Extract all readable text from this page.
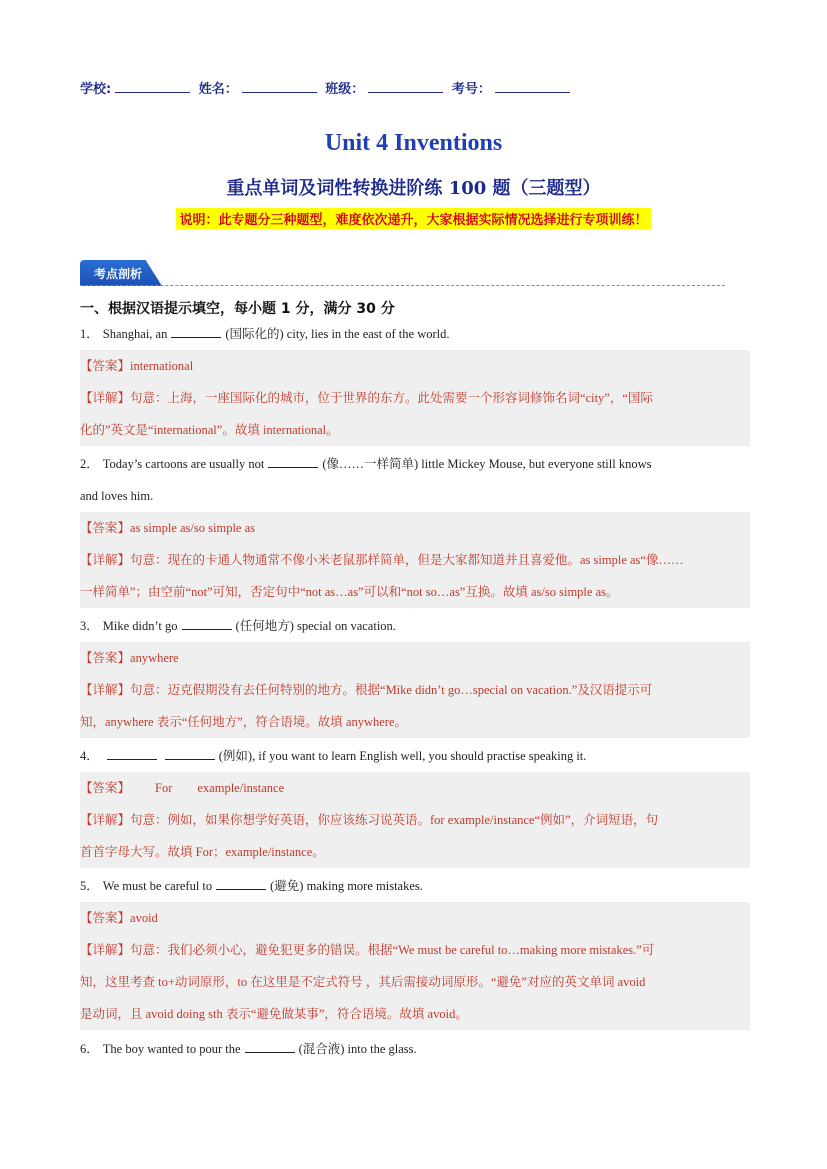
学校:	姓名：	班级：	考号：
Unit 4 Inventions
重点单词及词性转换进阶练 100 题（三题型）
说明：此专题分三种题型，难度依次递升，大家根据实际情况选择进行专项训练！
考点剖析
一、根据汉语提示填空，每小题 1 分，满分 30 分
1． Shanghai, an	(国际化的) city, lies in the east of the world.
【答案】international
【详解】句意：上海，一座国际化的城市，位于世界的东方。此处需要一个形容词修饰名词“city”，“国际
化的”英文是“international”。故填 international。
2． Today’s cartoons are usually not	(像……一样简单) little Mickey Mouse, but everyone still knows
and loves him.
【答案】as simple as/so simple as
【详解】句意：现在的卡通人物通常不像小米老鼠那样简单，但是大家都知道并且喜爱他。as simple as“像……
一样简单”；由空前“not”可知，否定句中“not as…as”可以和“not so…as”互换。故填 as/so simple as。
3． Mike didn’t go	(任何地方) special on vacation.
【答案】anywhere
【详解】句意：迈克假期没有去任何特别的地方。根据“Mike didn’t go…special on vacation.”及汉语提示可
知，anywhere 表示“任何地方”，符合语境。故填 anywhere。
4．	(例如), if you want to learn English well, you should practise speaking it.
【答案】 For        example/instance
【详解】句意：例如，如果你想学好英语，你应该练习说英语。for example/instance“例如”，介词短语，句
首首字母大写。故填 For；example/instance。
5． We must be careful to	(避免) making more mistakes.
【答案】avoid
【详解】句意：我们必须小心，避免犯更多的错误。根据“We must be careful to…making more mistakes.”可
知，这里考查 to+动词原形，to 在这里是不定式符号 ，其后需接动词原形。“避免”对应的英文单词 avoid
是动词，且 avoid doing sth 表示“避免做某事”，符合语境。故填 avoid。
6． The boy wanted to pour the	(混合液) into the glass.
